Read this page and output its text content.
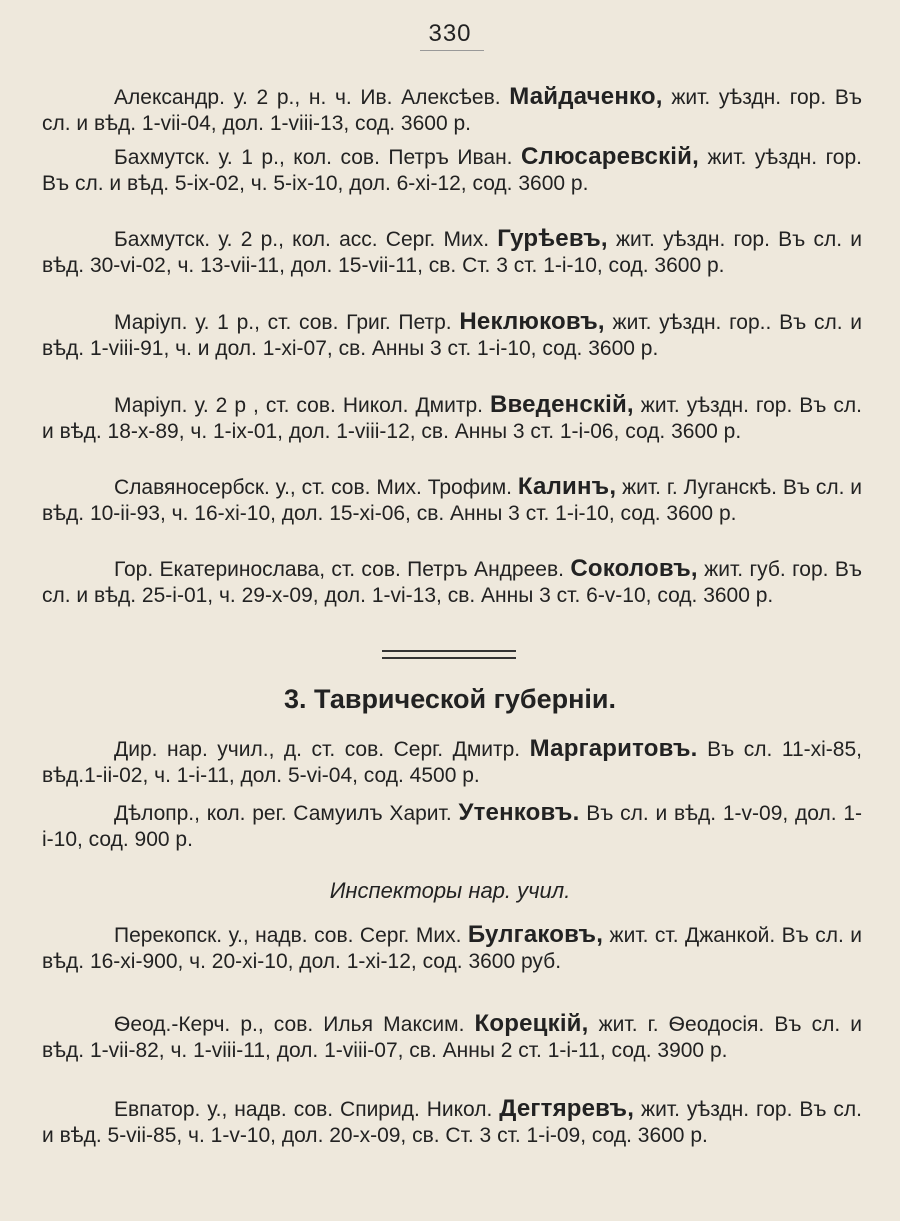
330

Александр. у. 2 р., н. ч. Ив. Алексѣев. Майдаченко, жит. уѣздн. гор. Въ сл. и вѣд. 1-vii-04, дол. 1-viii-13, сод. 3600 р.

Бахмутск. у. 1 р., кол. сов. Петръ Иван. Слюсаревскій, жит. уѣздн. гор. Въ сл. и вѣд. 5-ix-02, ч. 5-ix-10, дол. 6-xi-12, сод. 3600 р.

Бахмутск. у. 2 р., кол. асс. Серг. Мих. Гурѣевъ, жит. уѣздн. гор. Въ сл. и вѣд. 30-vi-02, ч. 13-vii-11, дол. 15-vii-11, св. Ст. 3 ст. 1-i-10, сод. 3600 р.

Маріуп. у. 1 р., ст. сов. Григ. Петр. Неклюковъ, жит. уѣздн. гор.. Въ сл. и вѣд. 1-viii-91, ч. и дол. 1-xi-07, св. Анны 3 ст. 1-i-10, сод. 3600 р.

Маріуп. у. 2 р , ст. сов. Никол. Дмитр. Введенскій, жит. уѣздн. гор. Въ сл. и вѣд. 18-x-89, ч. 1-ix-01, дол. 1-viii-12, св. Анны 3 ст. 1-i-06, сод. 3600 р.

Славяносербск. у., ст. сов. Мих. Трофим. Калинъ, жит. г. Луганскѣ. Въ сл. и вѣд. 10-ii-93, ч. 16-xi-10, дол. 15-xi-06, св. Анны 3 ст. 1-i-10, сод. 3600 р.

Гор. Екатеринослава, ст. сов. Петръ Андреев. Соколовъ, жит. губ. гор. Въ сл. и вѣд. 25-i-01, ч. 29-x-09, дол. 1-vi-13, св. Анны 3 ст. 6-v-10, сод. 3600 р.

3. Таврической губерніи.

Дир. нар. учил., д. ст. сов. Серг. Дмитр. Маргаритовъ. Въ сл. 11-xi-85, вѣд.1-ii-02, ч. 1-i-11, дол. 5-vi-04, сод. 4500 р.

Дѣлопр., кол. рег. Самуилъ Харит. Утенковъ. Въ сл. и вѣд. 1-v-09, дол. 1-i-10, сод. 900 р.

Инспекторы нар. учил.

Перекопск. у., надв. сов. Серг. Мих. Булгаковъ, жит. ст. Джанкой. Въ сл. и вѣд. 16-xi-900, ч. 20-xi-10, дол. 1-xi-12, сод. 3600 руб.

Ѳеод.-Керч. р., сов. Илья Максим. Корецкій, жит. г. Ѳеодосія. Въ сл. и вѣд. 1-vii-82, ч. 1-viii-11, дол. 1-viii-07, св. Анны 2 ст. 1-i-11, сод. 3900 р.

Евпатор. у., надв. сов. Спирид. Никол. Дегтяревъ, жит. уѣздн. гор. Въ сл. и вѣд. 5-vii-85, ч. 1-v-10, дол. 20-x-09, св. Ст. 3 ст. 1-i-09, сод. 3600 р.
